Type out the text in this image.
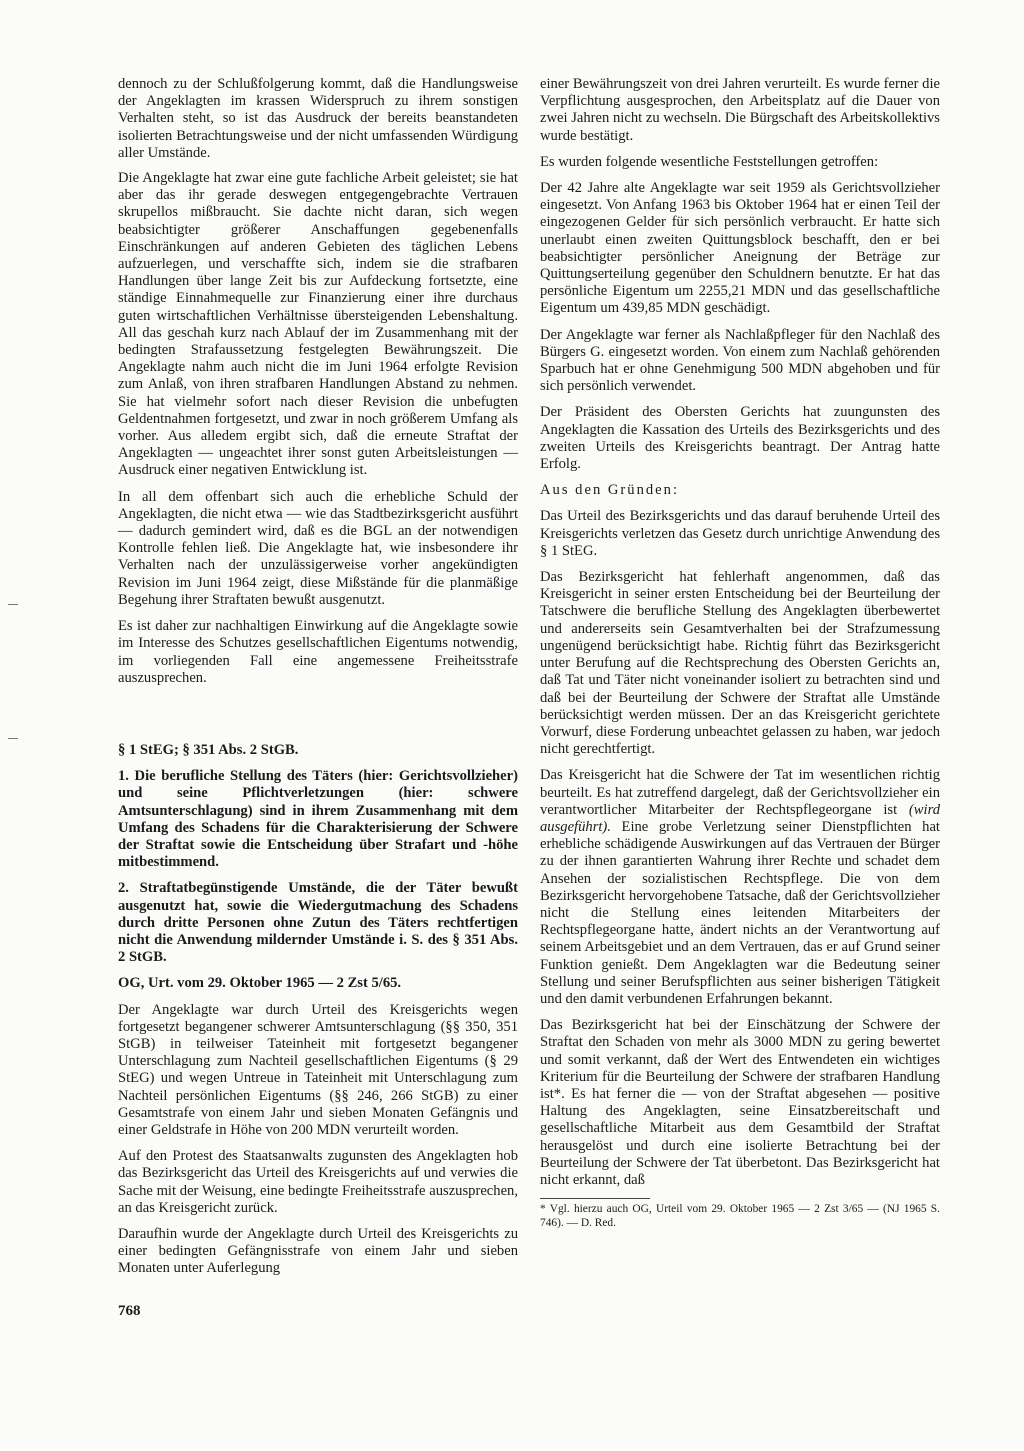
dennoch zu der Schlußfolgerung kommt, daß die Handlungsweise der Angeklagten im krassen Widerspruch zu ihrem sonstigen Verhalten steht, so ist das Ausdruck der bereits beanstandeten isolierten Betrachtungsweise und der nicht umfassenden Würdigung aller Umstände.

Die Angeklagte hat zwar eine gute fachliche Arbeit geleistet; sie hat aber das ihr gerade deswegen entgegengebrachte Vertrauen skrupellos mißbraucht. Sie dachte nicht daran, sich wegen beabsichtigter größerer Anschaffungen gegebenenfalls Einschränkungen auf anderen Gebieten des täglichen Lebens aufzuerlegen, und verschaffte sich, indem sie die strafbaren Handlungen über lange Zeit bis zur Aufdeckung fortsetzte, eine ständige Einnahmequelle zur Finanzierung einer ihre durchaus guten wirtschaftlichen Verhältnisse übersteigenden Lebenshaltung. All das geschah kurz nach Ablauf der im Zusammenhang mit der bedingten Strafaussetzung festgelegten Bewährungszeit. Die Angeklagte nahm auch nicht die im Juni 1964 erfolgte Revision zum Anlaß, von ihren strafbaren Handlungen Abstand zu nehmen. Sie hat vielmehr sofort nach dieser Revision die unbefugten Geldentnahmen fortgesetzt, und zwar in noch größerem Umfang als vorher. Aus alledem ergibt sich, daß die erneute Straftat der Angeklagten — ungeachtet ihrer sonst guten Arbeitsleistungen — Ausdruck einer negativen Entwicklung ist.

In all dem offenbart sich auch die erhebliche Schuld der Angeklagten, die nicht etwa — wie das Stadtbezirksgericht ausführt — dadurch gemindert wird, daß es die BGL an der notwendigen Kontrolle fehlen ließ. Die Angeklagte hat, wie insbesondere ihr Verhalten nach der unzulässigerweise vorher angekündigten Revision im Juni 1964 zeigt, diese Mißstände für die planmäßige Begehung ihrer Straftaten bewußt ausgenutzt.

Es ist daher zur nachhaltigen Einwirkung auf die Angeklagte sowie im Interesse des Schutzes gesellschaftlichen Eigentums notwendig, im vorliegenden Fall eine angemessene Freiheitsstrafe auszusprechen.

§ 1 StEG; § 351 Abs. 2 StGB.

1. Die berufliche Stellung des Täters (hier: Gerichtsvollzieher) und seine Pflichtverletzungen (hier: schwere Amtsunterschlagung) sind in ihrem Zusammenhang mit dem Umfang des Schadens für die Charakterisierung der Schwere der Straftat sowie die Entscheidung über Strafart und -höhe mitbestimmend.

2. Straftatbegünstigende Umstände, die der Täter bewußt ausgenutzt hat, sowie die Wiedergutmachung des Schadens durch dritte Personen ohne Zutun des Täters rechtfertigen nicht die Anwendung mildernder Umstände i. S. des § 351 Abs. 2 StGB.

OG, Urt. vom 29. Oktober 1965 — 2 Zst 5/65.

Der Angeklagte war durch Urteil des Kreisgerichts wegen fortgesetzt begangener schwerer Amtsunterschlagung (§§ 350, 351 StGB) in teilweiser Tateinheit mit fortgesetzt begangener Unterschlagung zum Nachteil gesellschaftlichen Eigentums (§ 29 StEG) und wegen Untreue in Tateinheit mit Unterschlagung zum Nachteil persönlichen Eigentums (§§ 246, 266 StGB) zu einer Gesamtstrafe von einem Jahr und sieben Monaten Gefängnis und einer Geldstrafe in Höhe von 200 MDN verurteilt worden.

Auf den Protest des Staatsanwalts zugunsten des Angeklagten hob das Bezirksgericht das Urteil des Kreisgerichts auf und verwies die Sache mit der Weisung, eine bedingte Freiheitsstrafe auszusprechen, an das Kreisgericht zurück.

Daraufhin wurde der Angeklagte durch Urteil des Kreisgerichts zu einer bedingten Gefängnisstrafe von einem Jahr und sieben Monaten unter Auferlegung

einer Bewährungszeit von drei Jahren verurteilt. Es wurde ferner die Verpflichtung ausgesprochen, den Arbeitsplatz auf die Dauer von zwei Jahren nicht zu wechseln. Die Bürgschaft des Arbeitskollektivs wurde bestätigt.

Es wurden folgende wesentliche Feststellungen getroffen:

Der 42 Jahre alte Angeklagte war seit 1959 als Gerichtsvollzieher eingesetzt. Von Anfang 1963 bis Oktober 1964 hat er einen Teil der eingezogenen Gelder für sich persönlich verbraucht. Er hatte sich unerlaubt einen zweiten Quittungsblock beschafft, den er bei beabsichtigter persönlicher Aneignung der Beträge zur Quittungserteilung gegenüber den Schuldnern benutzte. Er hat das persönliche Eigentum um 2255,21 MDN und das gesellschaftliche Eigentum um 439,85 MDN geschädigt.

Der Angeklagte war ferner als Nachlaßpfleger für den Nachlaß des Bürgers G. eingesetzt worden. Von einem zum Nachlaß gehörenden Sparbuch hat er ohne Genehmigung 500 MDN abgehoben und für sich persönlich verwendet.

Der Präsident des Obersten Gerichts hat zuungunsten des Angeklagten die Kassation des Urteils des Bezirksgerichts und des zweiten Urteils des Kreisgerichts beantragt. Der Antrag hatte Erfolg.

Aus den Gründen:

Das Urteil des Bezirksgerichts und das darauf beruhende Urteil des Kreisgerichts verletzen das Gesetz durch unrichtige Anwendung des § 1 StEG.

Das Bezirksgericht hat fehlerhaft angenommen, daß das Kreisgericht in seiner ersten Entscheidung bei der Beurteilung der Tatschwere die berufliche Stellung des Angeklagten überbewertet und andererseits sein Gesamtverhalten bei der Strafzumessung ungenügend berücksichtigt habe. Richtig führt das Bezirksgericht unter Berufung auf die Rechtsprechung des Obersten Gerichts an, daß Tat und Täter nicht voneinander isoliert zu betrachten sind und daß bei der Beurteilung der Schwere der Straftat alle Umstände berücksichtigt werden müssen. Der an das Kreisgericht gerichtete Vorwurf, diese Forderung unbeachtet gelassen zu haben, war jedoch nicht gerechtfertigt.

Das Kreisgericht hat die Schwere der Tat im wesentlichen richtig beurteilt. Es hat zutreffend dargelegt, daß der Gerichtsvollzieher ein verantwortlicher Mitarbeiter der Rechtspflegeorgane ist (wird ausgeführt). Eine grobe Verletzung seiner Dienstpflichten hat erhebliche schädigende Auswirkungen auf das Vertrauen der Bürger zu der ihnen garantierten Wahrung ihrer Rechte und schadet dem Ansehen der sozialistischen Rechtspflege. Die von dem Bezirksgericht hervorgehobene Tatsache, daß der Gerichtsvollzieher nicht die Stellung eines leitenden Mitarbeiters der Rechtspflegeorgane hatte, ändert nichts an der Verantwortung auf seinem Arbeitsgebiet und an dem Vertrauen, das er auf Grund seiner Funktion genießt. Dem Angeklagten war die Bedeutung seiner Stellung und seiner Berufspflichten aus seiner bisherigen Tätigkeit und den damit verbundenen Erfahrungen bekannt.

Das Bezirksgericht hat bei der Einschätzung der Schwere der Straftat den Schaden von mehr als 3000 MDN zu gering bewertet und somit verkannt, daß der Wert des Entwendeten ein wichtiges Kriterium für die Beurteilung der Schwere der strafbaren Handlung ist*. Es hat ferner die — von der Straftat abgesehen — positive Haltung des Angeklagten, seine Einsatzbereitschaft und gesellschaftliche Mitarbeit aus dem Gesamtbild der Straftat herausgelöst und durch eine isolierte Betrachtung bei der Beurteilung der Schwere der Tat überbetont. Das Bezirksgericht hat nicht erkannt, daß

* Vgl. hierzu auch OG, Urteil vom 29. Oktober 1965 — 2 Zst 3/65 — (NJ 1965 S. 746). — D. Red.

768
